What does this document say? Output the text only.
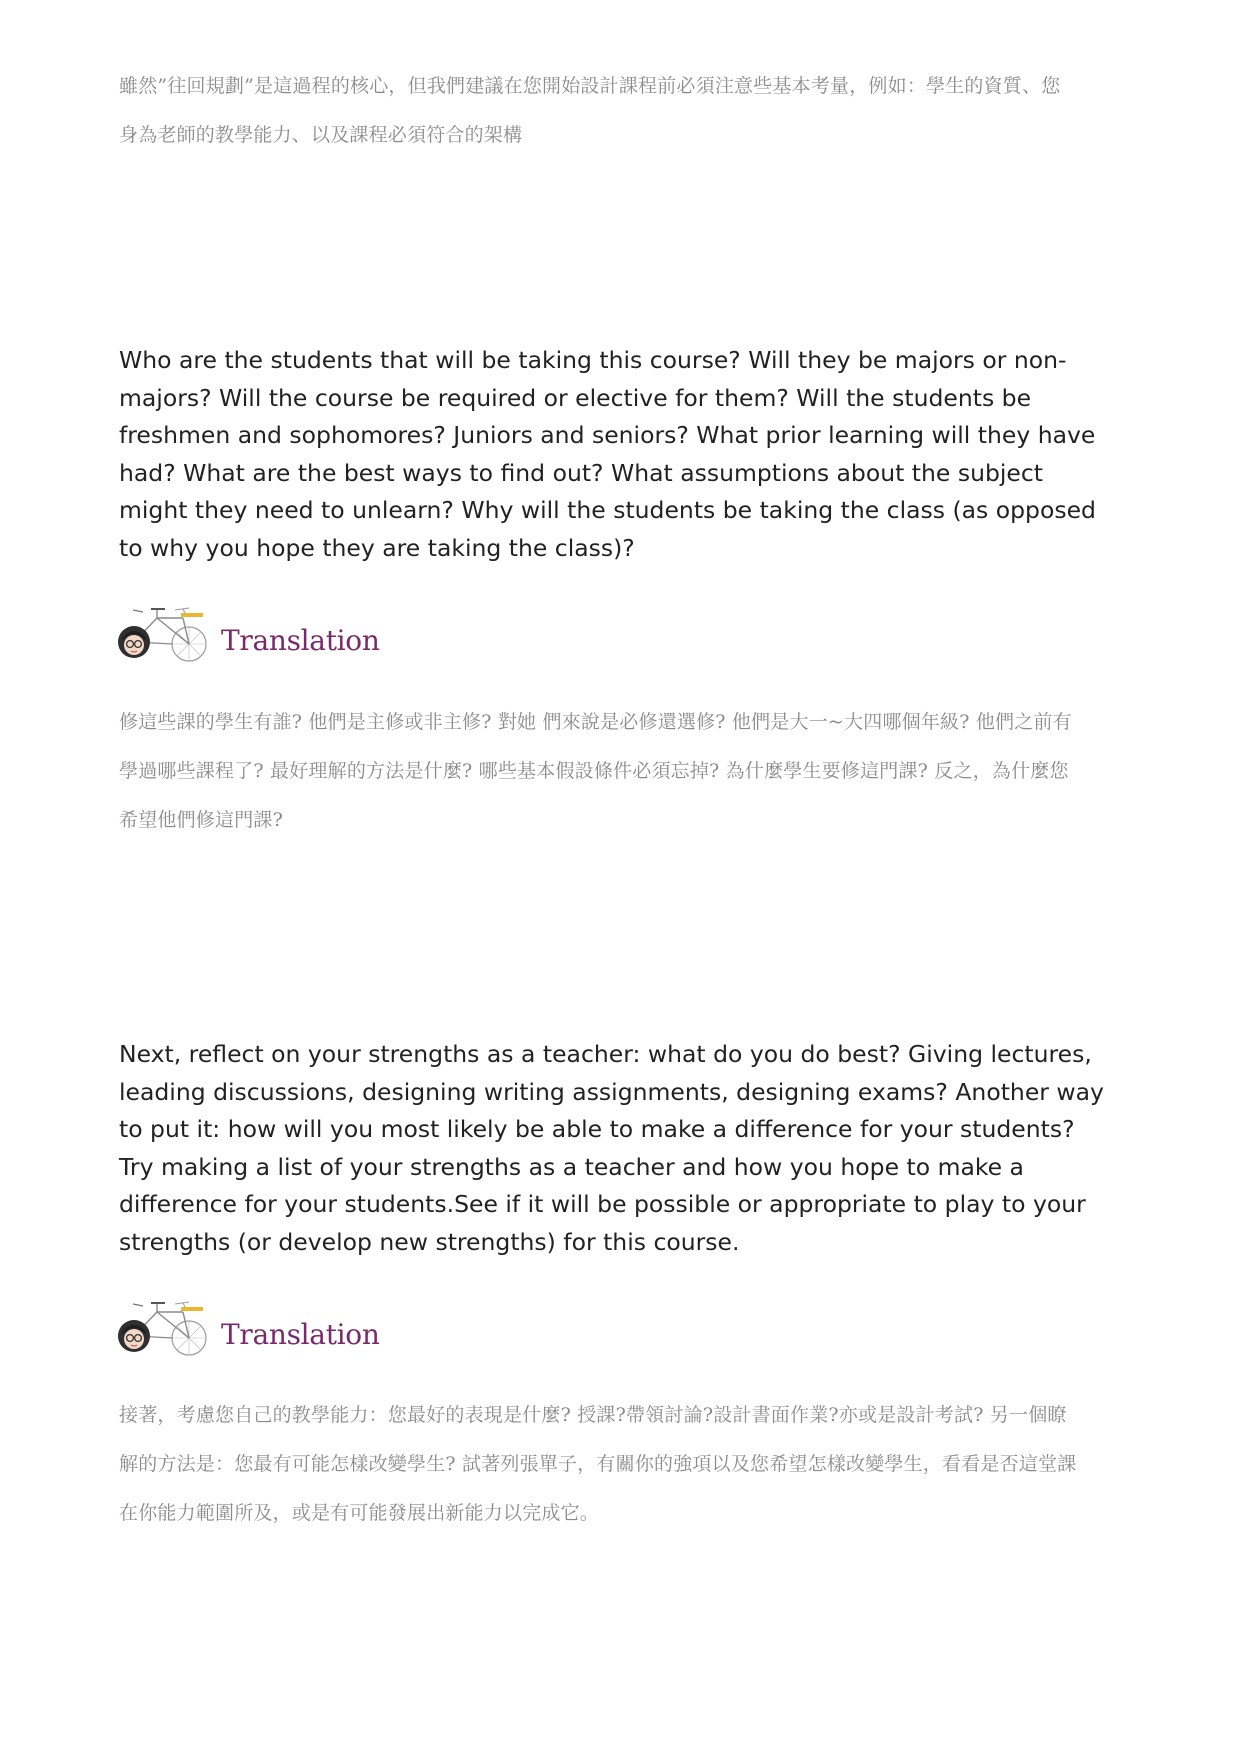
雖然”往回規劃”是這過程的核心，但我們建議在您開始設計課程前必須注意些基本考量，例如：學生的資質、您身為老師的教學能力、以及課程必須符合的架構

Who are the students that will be taking this course? Will they be majors or non-majors? Will the course be required or elective for them? Will the students be freshmen and sophomores? Juniors and seniors? What prior learning will they have had? What are the best ways to find out? What assumptions about the subject might they need to unlearn? Why will the students be taking the class (as opposed to why you hope they are taking the class)?

Translation

修這些課的學生有誰? 他們是主修或非主修? 對她 們來說是必修還選修? 他們是大一~大四哪個年級? 他們之前有學過哪些課程了? 最好理解的方法是什麼? 哪些基本假設條件必須忘掉? 為什麼學生要修這門課? 反之，為什麼您希望他們修這門課?

Next, reflect on your strengths as a teacher: what do you do best? Giving lectures, leading discussions, designing writing assignments, designing exams? Another way to put it: how will you most likely be able to make a difference for your students? Try making a list of your strengths as a teacher and how you hope to make a difference for your students.See if it will be possible or appropriate to play to your strengths (or develop new strengths) for this course.

Translation

接著，考慮您自己的教學能力：您最好的表現是什麼? 授課?帶領討論?設計書面作業?亦或是設計考試? 另一個瞭解的方法是：您最有可能怎樣改變學生? 試著列張單子，有關你的強項以及您希望怎樣改變學生，看看是否這堂課在你能力範圍所及，或是有可能發展出新能力以完成它。
